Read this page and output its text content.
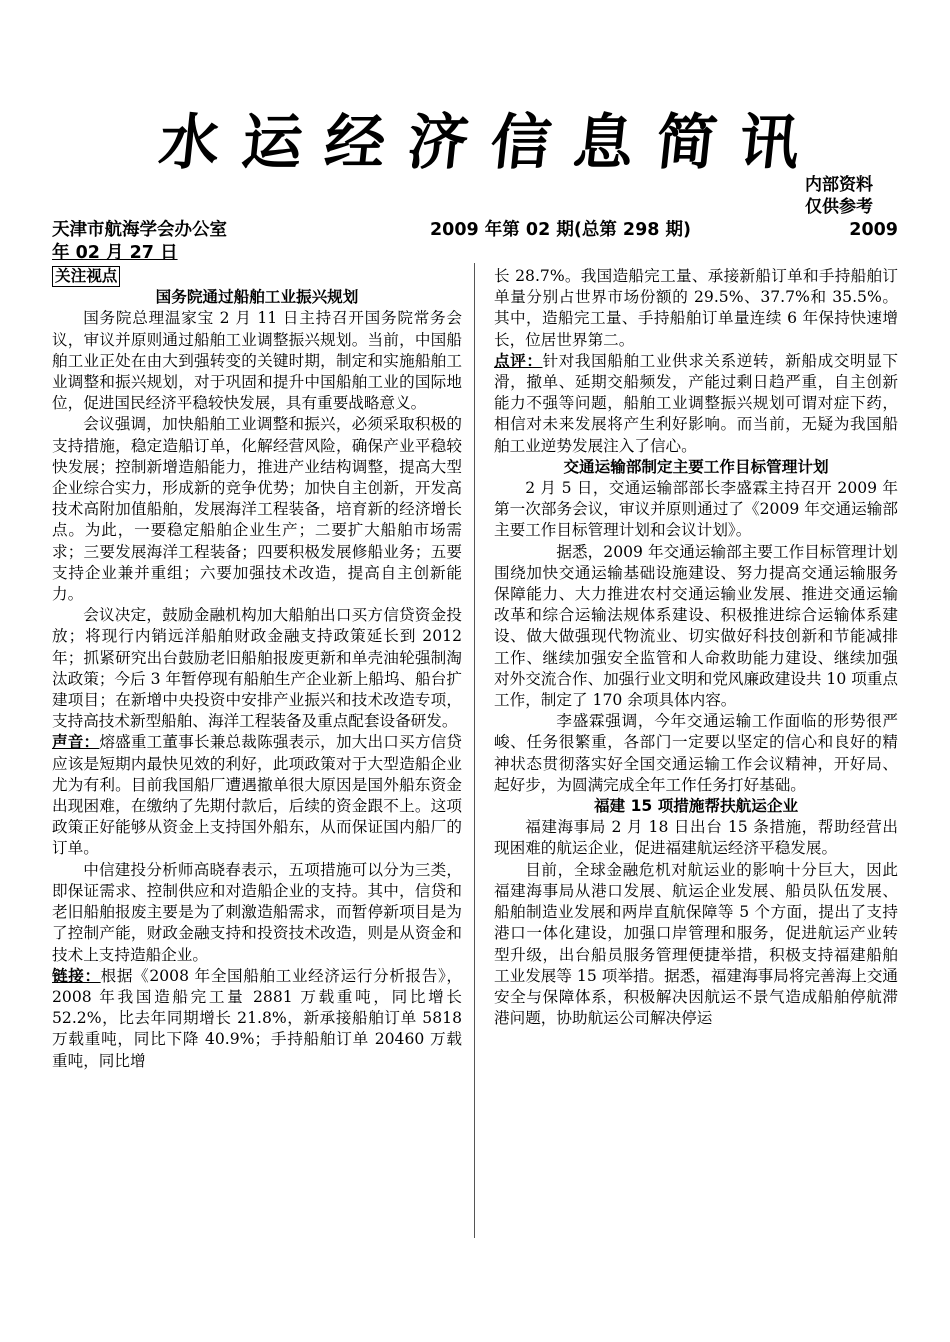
水 运 经 济 信 息 简 讯
内部资料
仅供参考
天津市航海学会办公室	2009 年第 02 期(总第 298 期)	2009
年 02 月 27 日
关注视点

国务院通过船舶工业振兴规划

国务院总理温家宝 2 月 11 日主持召开国务院常务会议，审议并原则通过船舶工业调整振兴规划。当前，中国船舶工业正处在由大到强转变的关键时期，制定和实施船舶工业调整和振兴规划，对于巩固和提升中国船舶工业的国际地位，促进国民经济平稳较快发展，具有重要战略意义。

会议强调，加快船舶工业调整和振兴，必须采取积极的支持措施，稳定造船订单，化解经营风险，确保产业平稳较快发展；控制新增造船能力，推进产业结构调整，提高大型企业综合实力，形成新的竞争优势；加快自主创新，开发高技术高附加值船舶，发展海洋工程装备，培育新的经济增长点。为此，一要稳定船舶企业生产；二要扩大船舶市场需求；三要发展海洋工程装备；四要积极发展修船业务；五要支持企业兼并重组；六要加强技术改造，提高自主创新能力。

会议决定，鼓励金融机构加大船舶出口买方信贷资金投放；将现行内销远洋船舶财政金融支持政策延长到 2012 年；抓紧研究出台鼓励老旧船舶报废更新和单壳油轮强制淘汰政策；今后 3 年暂停现有船舶生产企业新上船坞、船台扩建项目；在新增中央投资中安排产业振兴和技术改造专项，支持高技术新型船舶、海洋工程装备及重点配套设备研发。

声音：熔盛重工董事长兼总裁陈强表示，加大出口买方信贷应该是短期内最快见效的利好，此项政策对于大型造船企业尤为有利。目前我国船厂遭遇撤单很大原因是国外船东资金出现困难，在缴纳了先期付款后，后续的资金跟不上。这项政策正好能够从资金上支持国外船东，从而保证国内船厂的订单。

中信建投分析师高晓春表示，五项措施可以分为三类，即保证需求、控制供应和对造船企业的支持。其中，信贷和老旧船舶报废主要是为了刺激造船需求，而暂停新项目是为了控制产能，财政金融支持和投资技术改造，则是从资金和技术上支持造船企业。

链接：根据《2008 年全国船舶工业经济运行分析报告》，2008 年我国造船完工量 2881 万载重吨，同比增长 52.2%，比去年同期增长 21.8%，新承接船舶订单 5818 万载重吨，同比下降 40.9%；手持船舶订单 20460 万载重吨，同比增

长 28.7%。我国造船完工量、承接新船订单和手持船舶订单量分别占世界市场份额的 29.5%、37.7%和 35.5%。其中，造船完工量、手持船舶订单量连续 6 年保持快速增长，位居世界第二。

点评：针对我国船舶工业供求关系逆转，新船成交明显下滑，撤单、延期交船频发，产能过剩日趋严重，自主创新能力不强等问题，船舶工业调整振兴规划可谓对症下药，相信对未来发展将产生利好影响。而当前，无疑为我国船舶工业逆势发展注入了信心。

交通运输部制定主要工作目标管理计划

2 月 5 日，交通运输部部长李盛霖主持召开 2009 年第一次部务会议，审议并原则通过了《2009 年交通运输部主要工作目标管理计划和会议计划》。

据悉，2009 年交通运输部主要工作目标管理计划围绕加快交通运输基础设施建设、努力提高交通运输服务保障能力、大力推进农村交通运输业发展、推进交通运输改革和综合运输法规体系建设、积极推进综合运输体系建设、做大做强现代物流业、切实做好科技创新和节能减排工作、继续加强安全监管和人命救助能力建设、继续加强对外交流合作、加强行业文明和党风廉政建设共 10 项重点工作，制定了 170 余项具体内容。

李盛霖强调，今年交通运输工作面临的形势很严峻、任务很繁重，各部门一定要以坚定的信心和良好的精神状态贯彻落实好全国交通运输工作会议精神，开好局、起好步，为圆满完成全年工作任务打好基础。

福建 15 项措施帮扶航运企业

福建海事局 2 月 18 日出台 15 条措施，帮助经营出现困难的航运企业，促进福建航运经济平稳发展。

目前，全球金融危机对航运业的影响十分巨大，因此福建海事局从港口发展、航运企业发展、船员队伍发展、船舶制造业发展和两岸直航保障等 5 个方面，提出了支持港口一体化建设，加强口岸管理和服务，促进航运产业转型升级，出台船员服务管理便捷举措，积极支持福建船舶工业发展等 15 项举措。据悉，福建海事局将完善海上交通安全与保障体系，积极解决因航运不景气造成船舶停航滞港问题，协助航运公司解决停运
